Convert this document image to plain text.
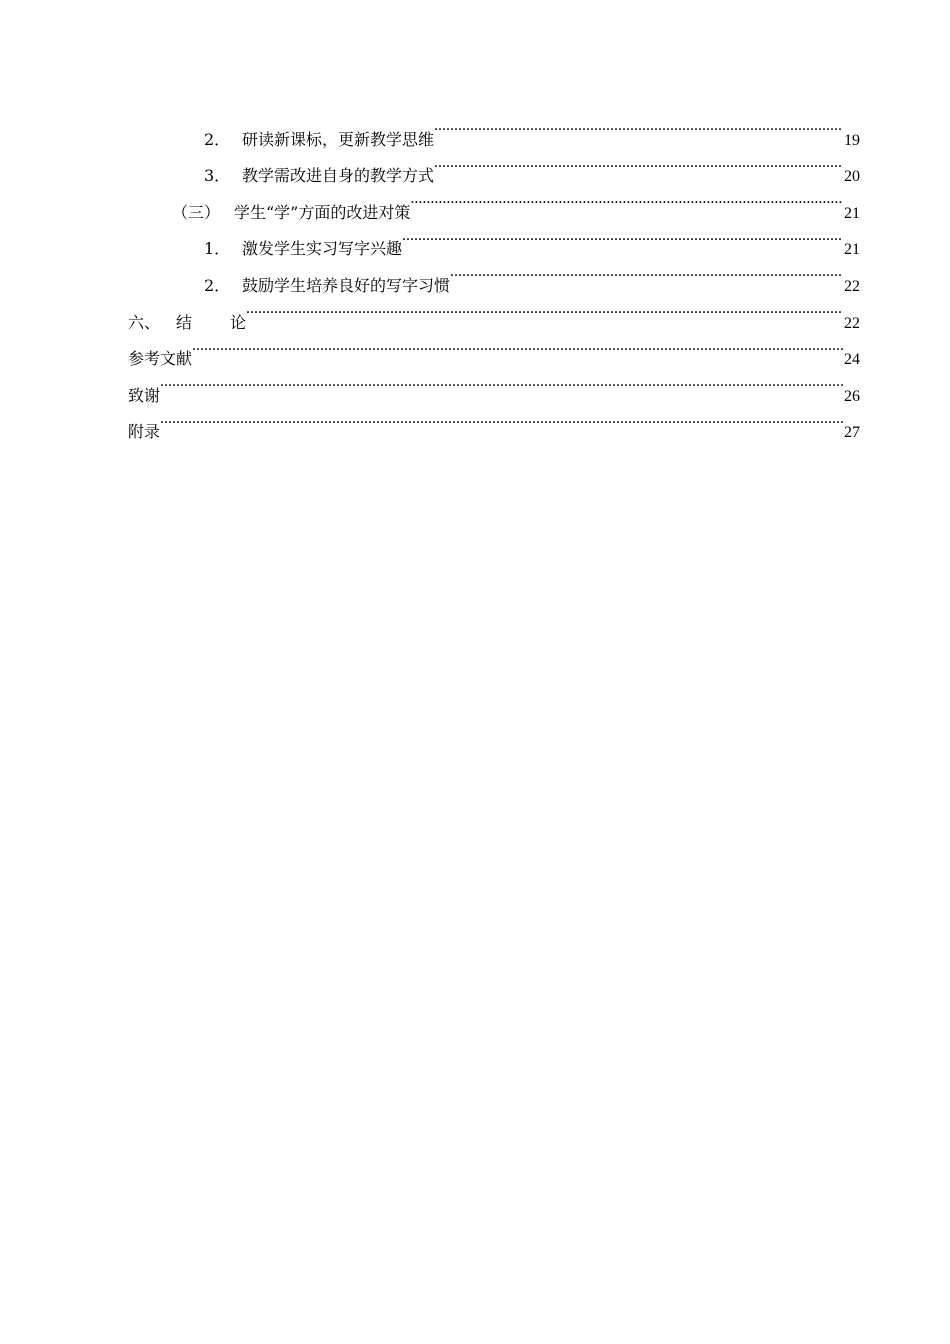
2． 研读新课标，更新教学思维 .....	19
3． 教学需改进自身的教学方式 .....	20
（三） 学生“学”方面的改进对策 .....	21
1． 激发学生实习写字兴趣 .....	21
2． 鼓励学生培养良好的写字习惯 .....	22
六、 结 论 .....	22
参考文献 .....	24
致谢 .....	26
附录 .....	27
